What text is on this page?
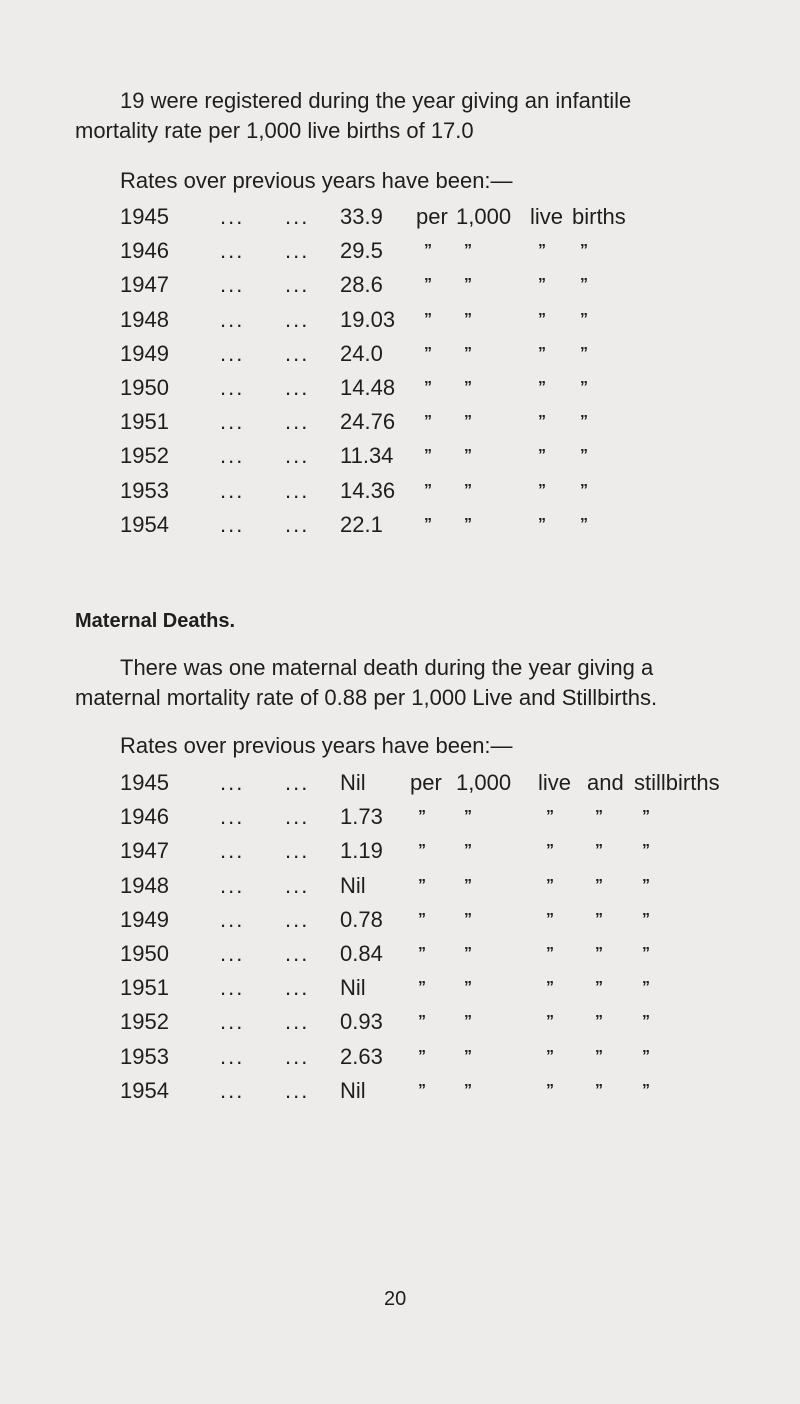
19 were registered during the year giving an infantile
mortality rate per 1,000 live births of 17.0

Rates over previous years have been:—

1945 ... ... 33.9 per 1,000 live births
1946 ... ... 29.5	” ”	” ”
1947 ... ... 28.6	” ”	” ”
1948 ... ... 19.03 ” ”	” ”
1949 ... ... 24.0	” ”	” ”
1950 ... ... 14.48 ” ”	” ”
1951 ... ... 24.76 ” ”	” ”
1952 ... ... 11.34 ” ”	” ”
1953 ... ... 14.36 ” ”	” ”
1954 ... ... 22.1	” ”	” ”

Maternal Deaths.

There was one maternal death during the year giving a
maternal mortality rate of 0.88 per 1,000 Live and Stillbirths.

Rates over previous years have been:—

1945 ... ... Nil per 1,000 live and stillbirths
1946 ... ... 1.73 ” ”	”	” ”
1947 ... ... 1.19 ” ”	”	” ”
1948 ... ... Nil	” ”	”	” ”
1949 ... ... 0.78 ” ”	”	” ”
1950 ... ... 0.84 ” ”	”	” ”
1951 ... ... Nil	” ”	”	” ”
1952 ... ... 0.93 ” ”	”	” ”
1953 ... ... 2.63 ” ”	”	” ”
1954 ... ... Nil	” ”	”	” ”
20
